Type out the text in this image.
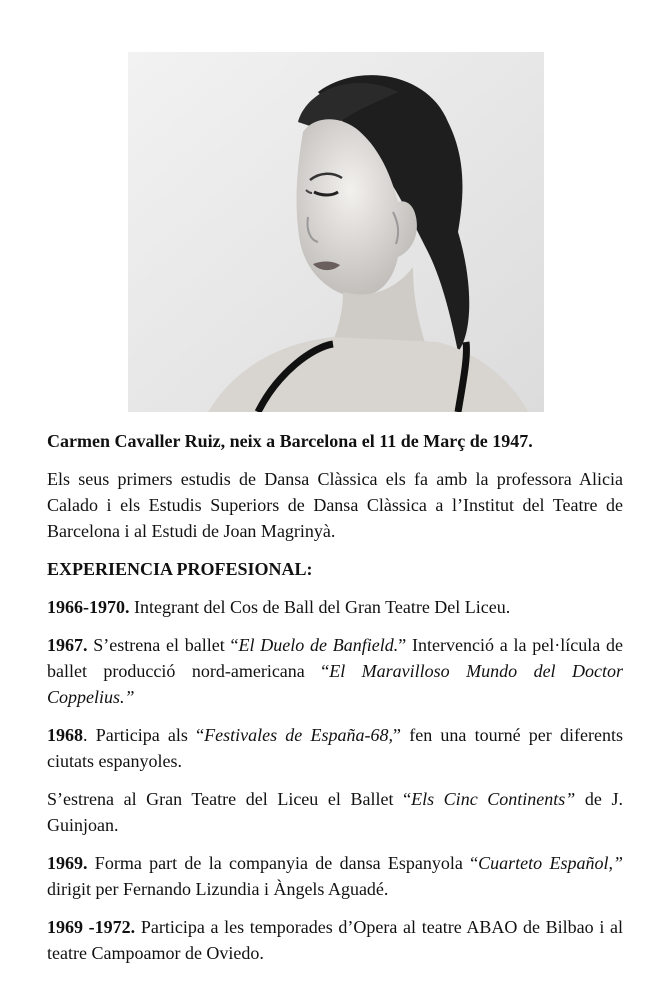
Carmen Cavaller Ruiz, neix a Barcelona el 11 de Març de 1947.

Els seus primers estudis de Dansa Clàssica els fa amb la professora Alicia Calado i els Estudis Superiors de Dansa Clàssica a l’Institut del Teatre de Barcelona i al Estudi de Joan Magrinyà.

EXPERIENCIA PROFESIONAL:

1966-1970. Integrant del Cos de Ball del Gran Teatre Del Liceu.

1967. S’estrena el ballet “El Duelo de Banfield.” Intervenció a la pel·lícula de ballet producció nord-americana “El Maravilloso Mundo del Doctor Coppelius.”

1968. Participa als “Festivales de España-68,” fen una tourné per diferents ciutats espanyoles.

S’estrena al Gran Teatre del Liceu el Ballet “Els Cinc Continents” de J. Guinjoan.

1969. Forma part de la companyia de dansa Espanyola “Cuarteto Español,” dirigit per Fernando Lizundia i Àngels Aguadé.

1969 -1972. Participa a les temporades d’Opera al teatre ABAO de Bilbao i al teatre Campoamor de Oviedo.
